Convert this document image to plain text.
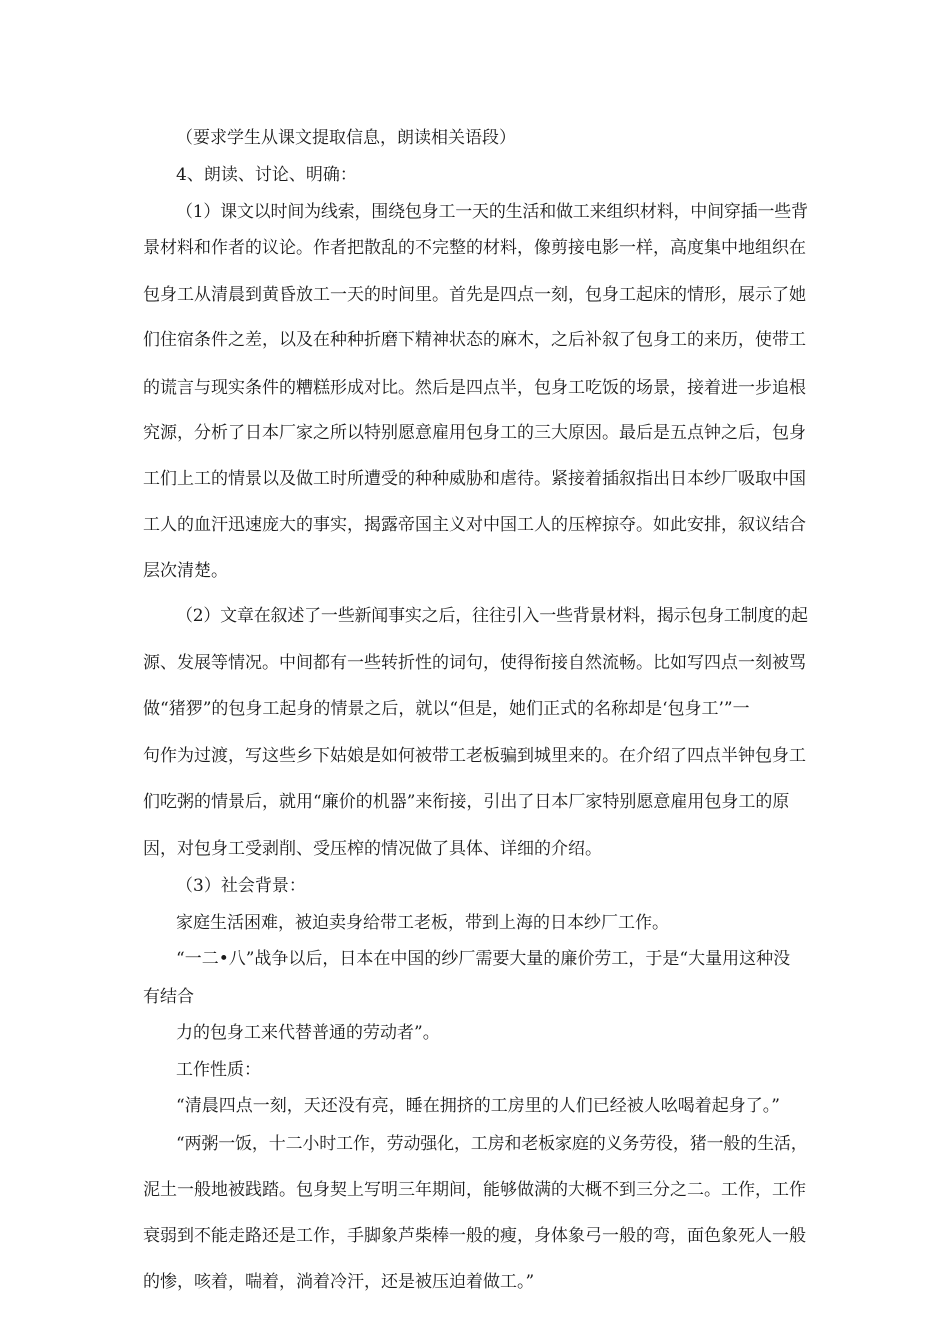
（要求学生从课文提取信息，朗读相关语段）
4、朗读、讨论、明确：
（1）课文以时间为线索，围绕包身工一天的生活和做工来组织材料，中间穿插一些背
景材料和作者的议论。作者把散乱的不完整的材料，像剪接电影一样，高度集中地组织在
包身工从清晨到黄昏放工一天的时间里。首先是四点一刻，包身工起床的情形，展示了她
们住宿条件之差，以及在种种折磨下精神状态的麻木，之后补叙了包身工的来历，使带工
的谎言与现实条件的糟糕形成对比。然后是四点半，包身工吃饭的场景，接着进一步追根
究源，分析了日本厂家之所以特别愿意雇用包身工的三大原因。最后是五点钟之后，包身
工们上工的情景以及做工时所遭受的种种威胁和虐待。紧接着插叙指出日本纱厂吸取中国
工人的血汗迅速庞大的事实，揭露帝国主义对中国工人的压榨掠夺。如此安排，叙议结合
层次清楚。
（2）文章在叙述了一些新闻事实之后，往往引入一些背景材料，揭示包身工制度的起
源、发展等情况。中间都有一些转折性的词句，使得衔接自然流畅。比如写四点一刻被骂
做“猪猡”的包身工起身的情景之后，就以“但是，她们正式的名称却是‘包身工’”一
句作为过渡，写这些乡下姑娘是如何被带工老板骗到城里来的。在介绍了四点半钟包身工
们吃粥的情景后，就用“廉价的机器”来衔接，引出了日本厂家特别愿意雇用包身工的原
因，对包身工受剥削、受压榨的情况做了具体、详细的介绍。
（3）社会背景：
家庭生活困难，被迫卖身给带工老板，带到上海的日本纱厂工作。
“一二•八”战争以后，日本在中国的纱厂需要大量的廉价劳工，于是“大量用这种没
有结合
力的包身工来代替普通的劳动者”。
工作性质：
“清晨四点一刻，天还没有亮，睡在拥挤的工房里的人们已经被人吆喝着起身了。”
“两粥一饭，十二小时工作，劳动强化，工房和老板家庭的义务劳役，猪一般的生活，
泥土一般地被践踏。包身契上写明三年期间，能够做满的大概不到三分之二。工作，工作
衰弱到不能走路还是工作，手脚象芦柴棒一般的瘦，身体象弓一般的弯，面色象死人一般
的惨，咳着，喘着，淌着冷汗，还是被压迫着做工。”
